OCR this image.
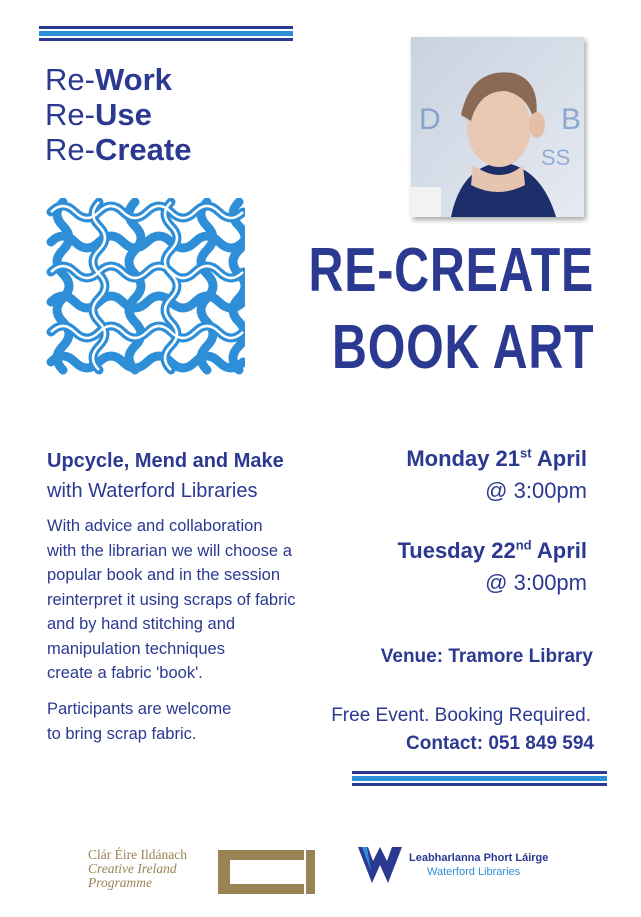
Re-Work
Re-Use
Re-Create
D	B
SS
RE-CREATE
BOOK ART
Upcycle, Mend and Make
with Waterford Libraries
With advice and collaboration
with the librarian we will choose a
popular book and in the session
reinterpret it using scraps of fabric
and by hand stitching and
manipulation techniques
create a fabric 'book'.
Participants are welcome
to bring scrap fabric.
Monday 21st April
@ 3:00pm
Tuesday 22nd April
@ 3:00pm
Venue: Tramore Library
Free Event. Booking Required.
Contact: 051 849 594
Clár Éire Ildánach
Creative Ireland
Programme
Leabharlanna Phort Láirge
Waterford Libraries
